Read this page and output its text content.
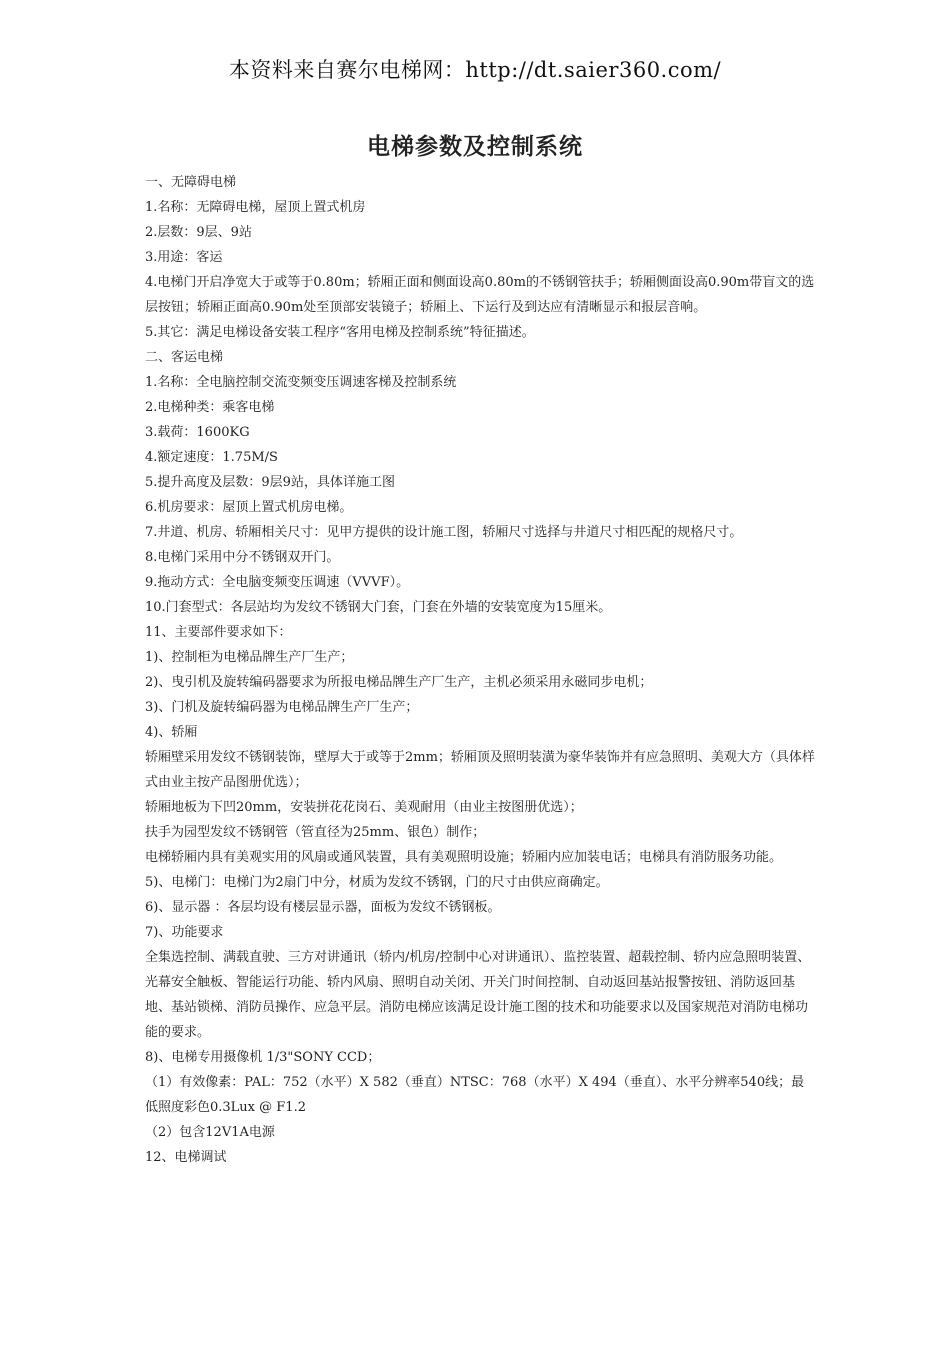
本资料来自赛尔电梯网：http://dt.saier360.com/
电梯参数及控制系统
一、无障碍电梯
1.名称：无障碍电梯，屋顶上置式机房
2.层数：9层、9站
3.用途：客运
4.电梯门开启净宽大于或等于0.80m；轿厢正面和侧面设高0.80m的不锈钢管扶手；轿厢侧面设高0.90m带盲文的选层按钮；轿厢正面高0.90m处至顶部安装镜子；轿厢上、下运行及到达应有清晰显示和报层音响。
5.其它：满足电梯设备安装工程序“客用电梯及控制系统”特征描述。
二、客运电梯
1.名称：全电脑控制交流变频变压调速客梯及控制系统
2.电梯种类：乘客电梯
3.载荷：1600KG
4.额定速度：1.75M/S
5.提升高度及层数：9层9站，具体详施工图
6.机房要求：屋顶上置式机房电梯。
7.井道、机房、轿厢相关尺寸：见甲方提供的设计施工图，轿厢尺寸选择与井道尺寸相匹配的规格尺寸。
8.电梯门采用中分不锈钢双开门。
9.拖动方式：全电脑变频变压调速（VVVF）。
10.门套型式：各层站均为发纹不锈钢大门套，门套在外墙的安装宽度为15厘米。
11、主要部件要求如下：
1)、控制柜为电梯品牌生产厂生产；
2)、曳引机及旋转编码器要求为所报电梯品牌生产厂生产，主机必须采用永磁同步电机；
3)、门机及旋转编码器为电梯品牌生产厂生产；
4)、轿厢
轿厢壁采用发纹不锈钢装饰，壁厚大于或等于2mm；轿厢顶及照明装潢为豪华装饰并有应急照明、美观大方（具体样式由业主按产品图册优选）；
轿厢地板为下凹20mm，安装拼花花岗石、美观耐用（由业主按图册优选）；
扶手为园型发纹不锈钢管（管直径为25mm、银色）制作；
电梯轿厢内具有美观实用的风扇或通风装置，具有美观照明设施；轿厢内应加装电话；电梯具有消防服务功能。
5)、电梯门：电梯门为2扇门中分，材质为发纹不锈钢，门的尺寸由供应商确定。
6)、显示器 ：各层均设有楼层显示器，面板为发纹不锈钢板。
7)、功能要求
全集选控制、满载直驶、三方对讲通讯（轿内/机房/控制中心对讲通讯）、监控装置、超载控制、轿内应急照明装置、光幕安全触板、智能运行功能、轿内风扇、照明自动关闭、开关门时间控制、自动返回基站报警按钮、消防返回基地、基站锁梯、消防员操作、应急平层。消防电梯应该满足设计施工图的技术和功能要求以及国家规范对消防电梯功能的要求。
8)、电梯专用摄像机 1/3"SONY CCD；
（1）有效像素：PAL：752（水平）X 582（垂直）NTSC：768（水平）X 494（垂直）、水平分辨率540线；最低照度彩色0.3Lux @ F1.2
（2）包含12V1A电源
12、电梯调试
